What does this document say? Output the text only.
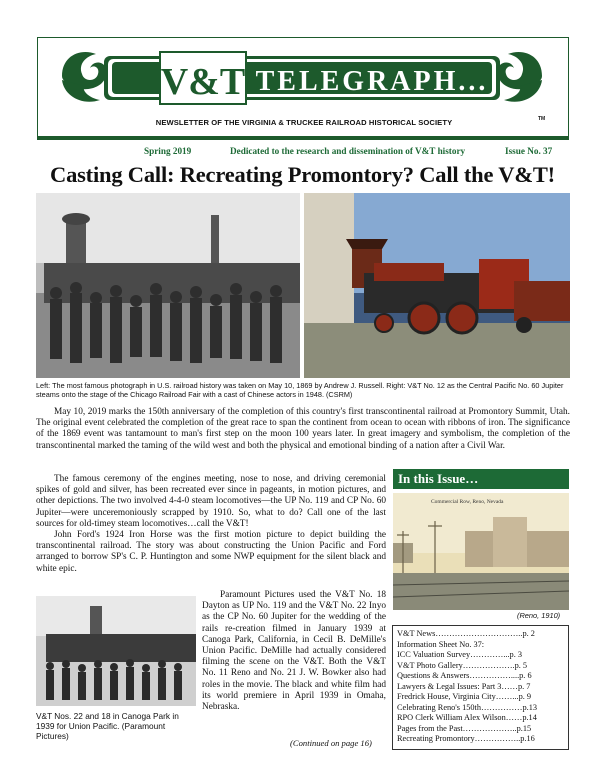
V&T TELEGRAPH...
NEWSLETTER OF THE VIRGINIA & TRUCKEE RAILROAD HISTORICAL SOCIETY	TM
Spring 2019	Dedicated to the research and dissemination of V&T history	Issue No. 37
Casting Call: Recreating Promontory? Call the V&T!
Left: The most famous photograph in U.S. railroad history was taken on May 10, 1869 by Andrew J. Russell. Right: V&T No. 12 as the Central Pacific No. 60 Jupiter steams onto the stage of the Chicago Railroad Fair with a cast of Chinese actors in 1948. (CSRM)

May 10, 2019 marks the 150th anniversary of the completion of this country's first transcontinental railroad at Promontory Summit, Utah. The original event celebrated the completion of the great race to span the continent from ocean to ocean with ribbons of iron. The significance of the 1869 event was tantamount to man's first step on the moon 100 years later. In great imagery and symbolism, the completion of the transcontinental marked the taming of the wild west and both the physical and emotional binding of a nation after a Civil War.

The famous ceremony of the engines meeting, nose to nose, and driving ceremonial spikes of gold and silver, has been recreated ever since in pageants, in motion pictures, and other depictions. The two involved 4-4-0 steam locomotives—the UP No. 119 and CP No. 60 Jupiter—were unceremoniously scrapped by 1910. So, what to do? Call one of the last sources for old-timey steam locomotives…call the V&T!

John Ford's 1924 Iron Horse was the first motion picture to depict building the transcontinental railroad. The story was about constructing the Union Pacific and Ford arranged to borrow SP's C. P. Huntington and some NWP equipment for the silent black and white epic.

Paramount Pictures used the V&T No. 18 Dayton as UP No. 119 and the V&T No. 22 Inyo as the CP No. 60 Jupiter for the wedding of the rails re-creation filmed in January 1939 at Canoga Park, California, in Cecil B. DeMille's Union Pacific. DeMille had actually considered filming the scene on the V&T. Both the V&T No. 11 Reno and No. 21 J. W. Bowker also had roles in the movie. The black and white film had its world premiere in April 1939 in Omaha, Nebraska.

(Continued on page 16)
V&T Nos. 22 and 18 in Canoga Park in 1939 for Union Pacific. (Paramount Pictures)
In this Issue…
Commercial Row, Reno, Nevada
(Reno, 1910)
V&T News…………………………..p. 2
Information Sheet No. 37:
ICC Valuation Survey…………...p. 3
V&T Photo Gallery……………….p. 5
Questions & Answers……………....p. 6
Lawyers & Legal Issues: Part 3……p. 7
Fredrick House, Virginia City……...p. 9
Celebrating Reno's 150th……………p.13
RPO Clerk William Alex Wilson……p.14
Pages from the Past………………..p.15
Recreating Promontory……………..p.16
